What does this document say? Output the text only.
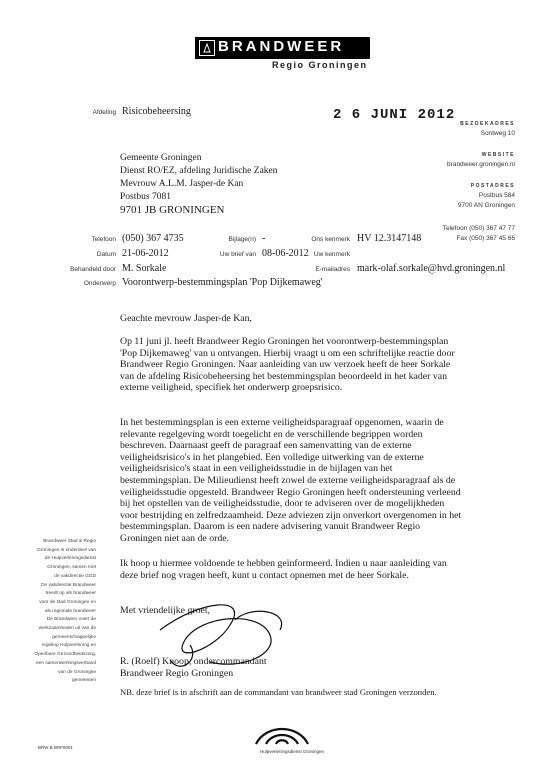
BRANDWEER
Regio Groningen
Afdeling Risicobeheersing	2 6 JUNI 2012
BEZOEKADRES
Sontweg 10
WEBSITE
brandweer.groningen.nl
POSTADRES
Postbus 584
9700 AN Groningen
Telefoon (050) 367 47 77
Fax (050) 367 45 66
Gemeente Groningen
Dienst RO/EZ, afdeling Juridische Zaken
Mevrouw A.L.M. Jasper-de Kan
Postbus 7081
9701 JB GRONINGEN
Telefoon (050) 367 4735	Bijlage(n) -	Ons kenmerk HV 12.3147148
Datum 21-06-2012	Uw brief van 08-06-2012 Uw kenmerk
Behandeld door M. Sorkale	E-mailadres mark-olaf.sorkale@hvd.groningen.nl
Onderwerp Voorontwerp-bestemmingsplan 'Pop Dijkemaweg'
Geachte mevrouw Jasper-de Kan,

Op 11 juni jl. heeft Brandweer Regio Groningen het voorontwerp-bestemmingsplan 'Pop Dijkemaweg' van u ontvangen. Hierbij vraagt u om een schriftelijke reactie door Brandweer Regio Groningen. Naar aanleiding van uw verzoek heeft de heer Sorkale van de afdeling Risicobeheersing het bestemmingsplan beoordeeld in het kader van externe veiligheid, specifiek het onderwerp groepsrisico.

In het bestemmingsplan is een externe veiligheidsparagraaf opgenomen, waarin de relevante regelgeving wordt toegelicht en de verschillende begrippen worden beschreven. Daarnaast geeft de paragraaf een samenvatting van de externe veiligheidsrisico's in het plangebied. Een volledige uitwerking van de externe veiligheidsrisico's staat in een veiligheidsstudie in de bijlagen van het bestemmingsplan. De Milieudienst heeft zowel de externe veiligheidsparagraaf als de veiligheidsstudie opgesteld. Brandweer Regio Groningen heeft ondersteuning verleend bij het opstellen van de veiligheidsstudie, door te adviseren over de mogelijkheden voor bestrijding en zelfredzaamheid. Deze adviezen zijn onverkort overgenomen in het bestemmingsplan. Daarom is een nadere advisering vanuit Brandweer Regio Groningen niet aan de orde.

Ik hoop u hiermee voldoende te hebben geïnformeerd. Indien u naar aanleiding van deze brief nog vragen heeft, kunt u contact opnemen met de heer Sorkale.

Met vriendelijke groet,
R. (Roelf) Knoop, ondercommandant
Brandweer Regio Groningen
NB. deze brief is in afschrift aan de commandant van brandweer stad Groningen verzonden.
Brandweer Stad & Regio
Groningen is onderdeel van
de Hulpverleningsdienst
Groningen, samen met
de vakdirectie GGD
De vakdirectie Brandweer
treedt op als brandweer
voor de stad Groningen en
als regionale brandweer
De Brandweer voert de
werkzaamheden uit van de
gemeenschappelijke
regeling Hulpverlening en
Openbare Gezondheidszorg,
een samenwerkingsverband
van de Groningse
gemeenten
BRW B BRF0001
Hulpverleningsdienst Groningen
